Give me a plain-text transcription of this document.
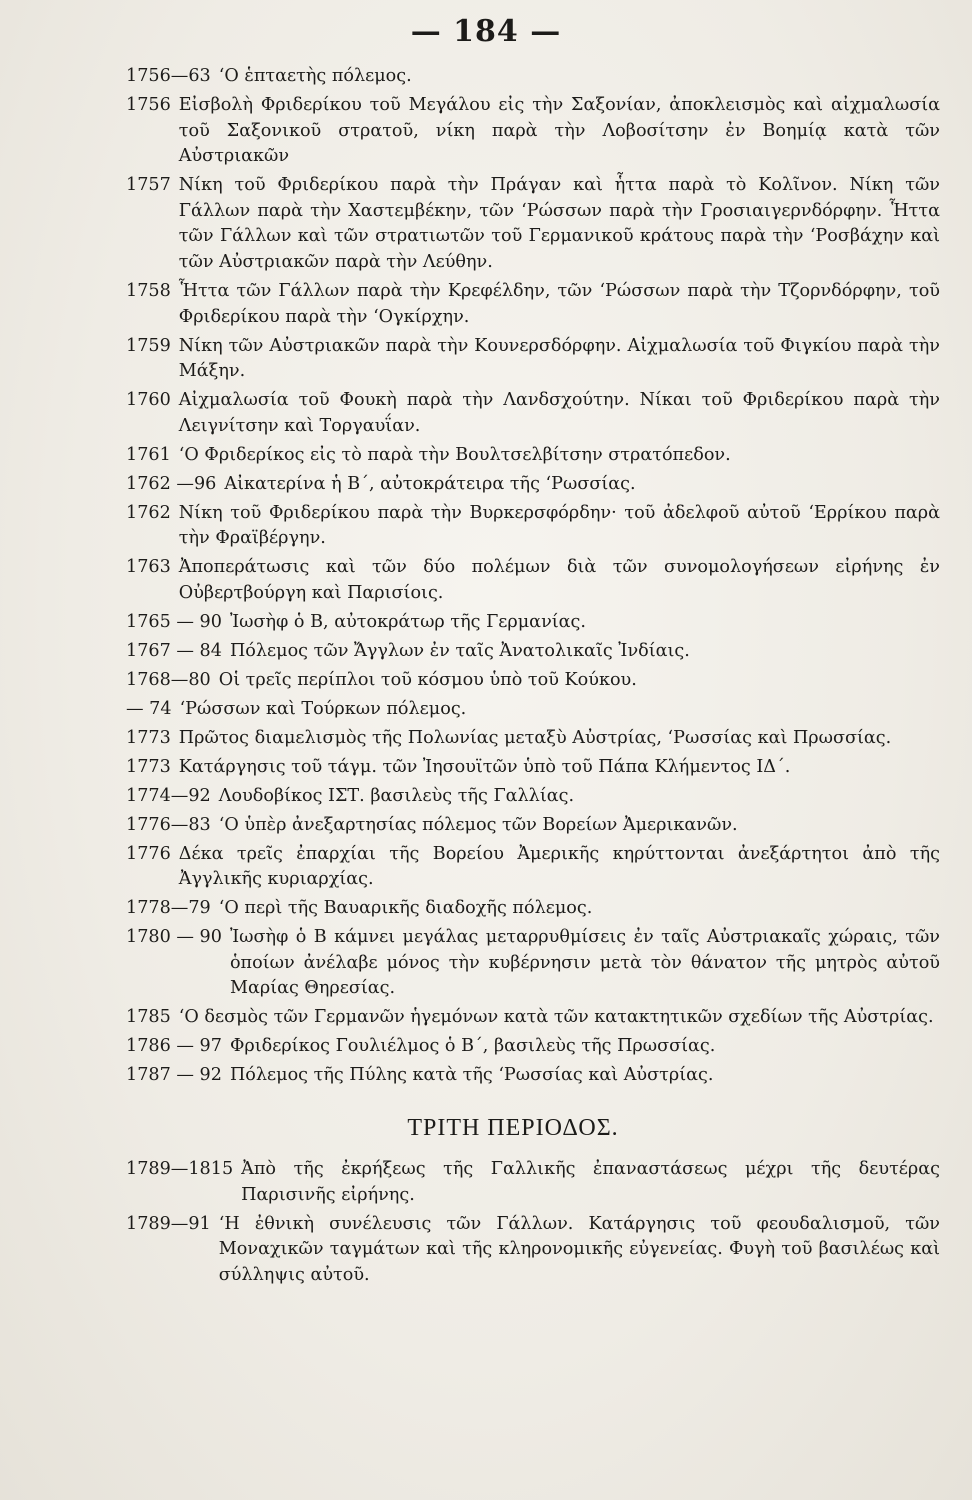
— 184 —
1756—63 ‘Ο ἑπταετὴς πόλεμος.
1756 Εἰσβολὴ Φριδερίκου τοῦ Μεγάλου εἰς τὴν Σαξονίαν, ἀποκλεισμὸς καὶ αἰχμαλωσία τοῦ Σαξονικοῦ στρατοῦ, νίκη παρὰ τὴν Λοβοσίτσην ἐν Βοημίᾳ κατὰ τῶν Αὐστριακῶν
1757 Νίκη τοῦ Φριδερίκου παρὰ τὴν Πράγαν καὶ ἧττα παρὰ τὸ Κολῖνον. Νίκη τῶν Γάλλων παρὰ τὴν Χαστεμβέκην, τῶν ‘Ρώσσων παρὰ τὴν Γροσιαιγερνδόρφην. Ἧττα τῶν Γάλλων καὶ τῶν στρατιωτῶν τοῦ Γερμανικοῦ κράτους παρὰ τὴν ‘Ροσβάχην καὶ τῶν Αὐστριακῶν παρὰ τὴν Λεύθην.
1758 Ἧττα τῶν Γάλλων παρὰ τὴν Κρεφέλδην, τῶν ‘Ρώσσων παρὰ τὴν Τζορνδόρφην, τοῦ Φριδερίκου παρὰ τὴν ‘Ογκίρχην.
1759 Νίκη τῶν Αὐστριακῶν παρὰ τὴν Κουνερσδόρφην. Αἰχμαλωσία τοῦ Φιγκίου παρὰ τὴν Μάξην.
1760 Αἰχμαλωσία τοῦ Φουκὴ παρὰ τὴν Λανδσχούτην. Νίκαι τοῦ Φριδερίκου παρὰ τὴν Λειγνίτσην καὶ Τοργαυΐαν.
1761 ‘Ο Φριδερίκος εἰς τὸ παρὰ τὴν Βουλτσελβίτσην στρατόπεδον.
1762 —96 Αἰκατερίνα ἡ Β΄, αὐτοκράτειρα τῆς ‘Ρωσσίας.
1762 Νίκη τοῦ Φριδερίκου παρὰ τὴν Βυρκερσφόρδην· τοῦ ἀδελφοῦ αὐτοῦ ‘Ερρίκου παρὰ τὴν Φραϊβέργην.
1763 Ἀποπεράτωσις καὶ τῶν δύο πολέμων διὰ τῶν συνομολογήσεων εἰρήνης ἐν Οὐβερτβούργη καὶ Παρισίοις.
1765 — 90 Ἰωσὴφ ὁ Β, αὐτοκράτωρ τῆς Γερμανίας.
1767 — 84 Πόλεμος τῶν Ἄγγλων ἐν ταῖς Ἀνατολικαῖς Ἰνδίαις.
1768—80 Οἱ τρεῖς περίπλοι τοῦ κόσμου ὑπὸ τοῦ Κούκου.
— 74 ‘Ρώσσων καὶ Τούρκων πόλεμος.
1773 Πρῶτος διαμελισμὸς τῆς Πολωνίας μεταξὺ Αὐστρίας, ‘Ρωσσίας καὶ Πρωσσίας.
1773 Κατάργησις τοῦ τάγμ. τῶν Ἰησουϊτῶν ὑπὸ τοῦ Πάπα Κλήμεντος ΙΔ΄.
1774—92 Λουδοβίκος ΙΣΤ. βασιλεὺς τῆς Γαλλίας.
1776—83 ‘Ο ὑπὲρ ἀνεξαρτησίας πόλεμος τῶν Βορείων Ἀμερικανῶν.
1776 Δέκα τρεῖς ἐπαρχίαι τῆς Βορείου Ἀμερικῆς κηρύττονται ἀνεξάρτητοι ἀπὸ τῆς Ἀγγλικῆς κυριαρχίας.
1778—79 ‘Ο περὶ τῆς Βαυαρικῆς διαδοχῆς πόλεμος.
1780 — 90 Ἰωσὴφ ὁ Β κάμνει μεγάλας μεταρρυθμίσεις ἐν ταῖς Αὐστριακαῖς χώραις, τῶν ὁποίων ἀνέλαβε μόνος τὴν κυβέρνησιν μετὰ τὸν θάνατον τῆς μητρὸς αὐτοῦ Μαρίας Θηρεσίας.
1785 ‘Ο δεσμὸς τῶν Γερμανῶν ἡγεμόνων κατὰ τῶν κατακτητικῶν σχεδίων τῆς Αὐστρίας.
1786 — 97 Φριδερίκος Γουλιέλμος ὁ Β΄, βασιλεὺς τῆς Πρωσσίας.
1787 — 92 Πόλεμος τῆς Πύλης κατὰ τῆς ‘Ρωσσίας καὶ Αὐστρίας.
ΤΡΙΤΗ ΠΕΡΙΟΔΟΣ.
1789—1815 Ἀπὸ τῆς ἐκρήξεως τῆς Γαλλικῆς ἐπαναστάσεως μέχρι τῆς δευτέρας Παρισινῆς εἰρήνης.
1789—91 ‘Η ἐθνικὴ συνέλευσις τῶν Γάλλων. Κατάργησις τοῦ φεουδαλισμοῦ, τῶν Μοναχικῶν ταγμάτων καὶ τῆς κληρονομικῆς εὐγενείας. Φυγὴ τοῦ βασιλέως καὶ σύλληψις αὐτοῦ.
